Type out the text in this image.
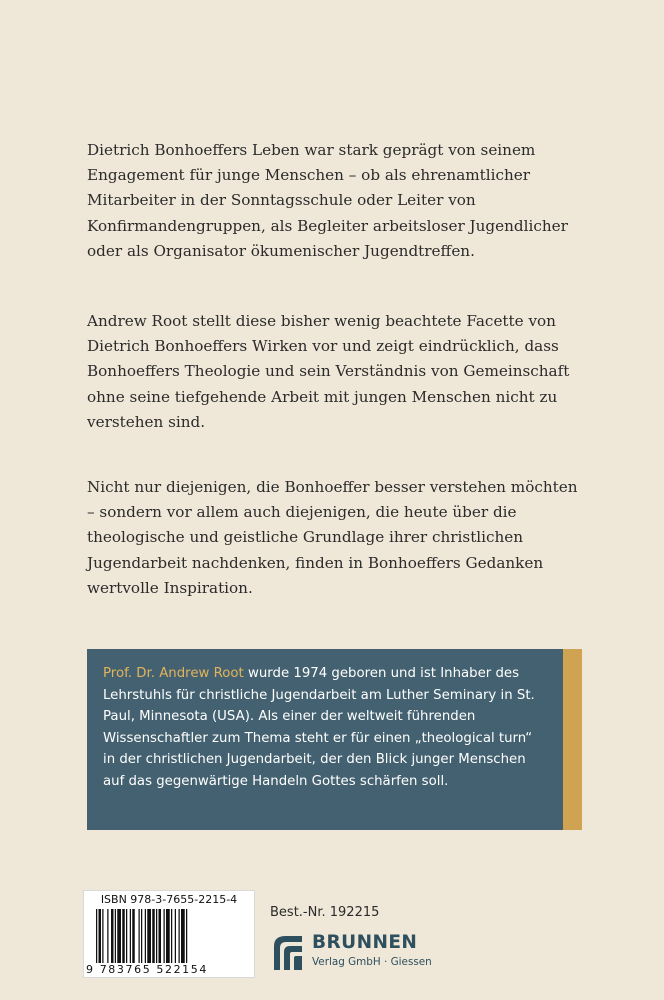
Dietrich Bonhoeffers Leben war stark geprägt von seinem Engagement für junge Menschen – ob als ehrenamtlicher Mitarbeiter in der Sonntagsschule oder Leiter von Konfirmandengruppen, als Begleiter arbeitsloser Jugendlicher oder als Organisator ökumenischer Jugendtreffen.

Andrew Root stellt diese bisher wenig beachtete Facette von Dietrich Bonhoeffers Wirken vor und zeigt eindrücklich, dass Bonhoeffers Theologie und sein Verständnis von Gemeinschaft ohne seine tiefgehende Arbeit mit jungen Menschen nicht zu verstehen sind.

Nicht nur diejenigen, die Bonhoeffer besser verstehen möchten – sondern vor allem auch diejenigen, die heute über die theologische und geistliche Grundlage ihrer christlichen Jugendarbeit nachdenken, finden in Bonhoeffers Gedanken wertvolle Inspiration.

Prof. Dr. Andrew Root wurde 1974 geboren und ist Inhaber des Lehrstuhls für christliche Jugendarbeit am Luther Seminary in St. Paul, Minnesota (USA). Als einer der weltweit führenden Wissenschaftler zum Thema steht er für einen „theological turn“ in der christlichen Jugendarbeit, der den Blick junger Menschen auf das gegenwärtige Handeln Gottes schärfen soll.

ISBN 978-3-7655-2215-4
9 783765 522154
Best.-Nr. 192215
BRUNNEN
Verlag GmbH · Giessen
